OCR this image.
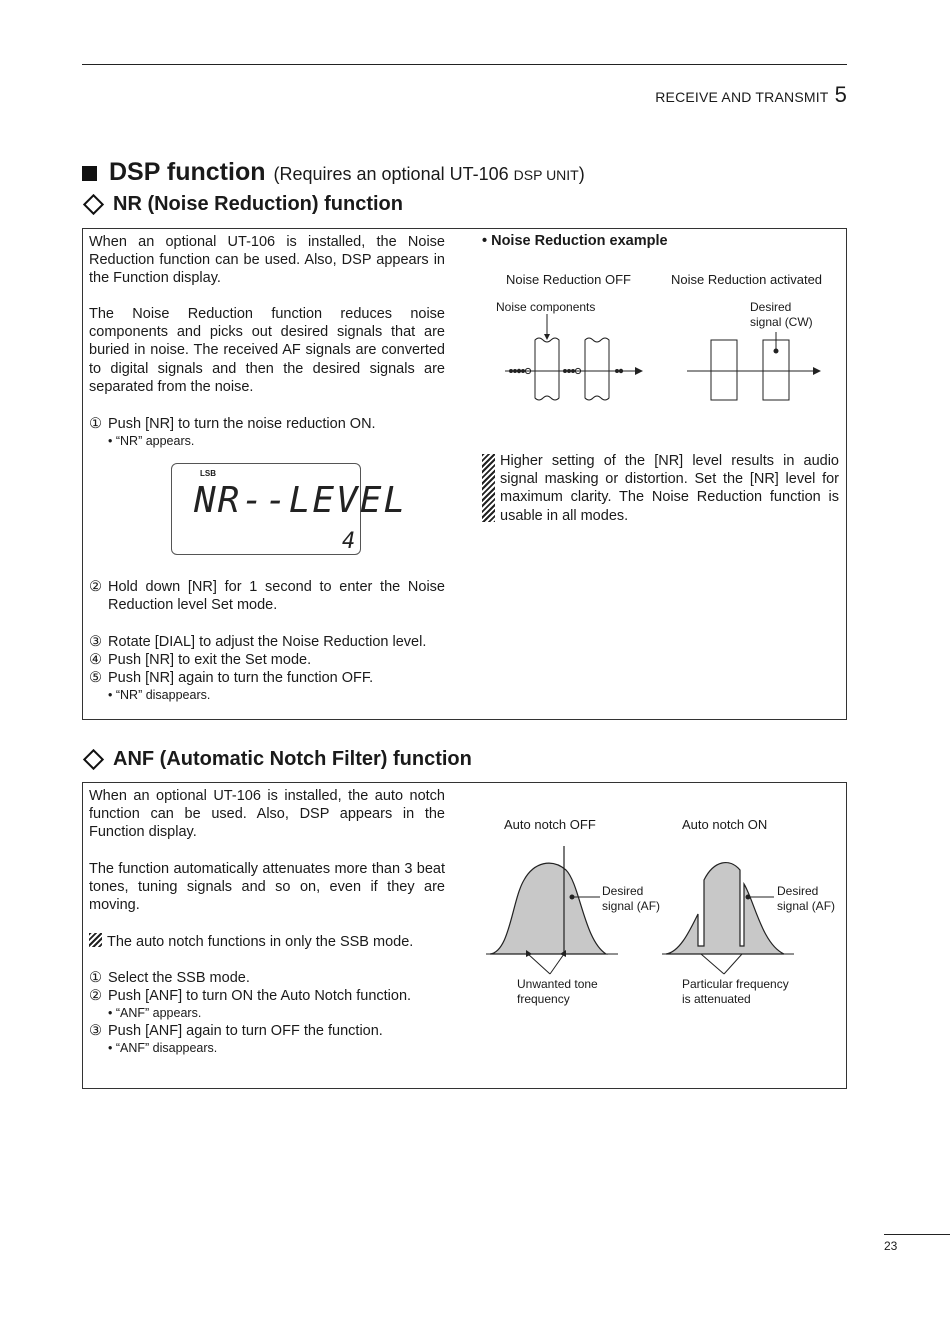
RECEIVE AND TRANSMIT 5
DSP function (Requires an optional UT-106 DSP UNIT)
NR (Noise Reduction) function
When an optional UT-106 is installed, the Noise Reduction function can be used. Also, DSP appears in the Function display.
The Noise Reduction function reduces noise components and picks out desired signals that are buried in noise. The received AF signals are converted to digital signals and then the desired signals are separated from the noise.
① Push [NR] to turn the noise reduction ON.
• “NR” appears.
LSB
NR--LEVEL
4
② Hold down [NR] for 1 second to enter the Noise Reduction level Set mode.
③ Rotate [DIAL] to adjust the Noise Reduction level.
④ Push [NR] to exit the Set mode.
⑤ Push [NR] again to turn the function OFF.
• “NR” disappears.
• Noise Reduction example
Noise Reduction OFF	Noise Reduction activated
Noise components	Desired
signal (CW)
Higher setting of the [NR] level results in audio signal masking or distortion. Set the [NR] level for maximum clarity. The Noise Reduction function is usable in all modes.
ANF (Automatic Notch Filter) function
When an optional UT-106 is installed, the auto notch function can be used. Also, DSP appears in the Function display.
The function automatically attenuates more than 3 beat tones, tuning signals and so on, even if they are moving.
The auto notch functions in only the SSB mode.
① Select the SSB mode.
② Push [ANF] to turn ON the Auto Notch function.
• “ANF” appears.
③ Push [ANF] again to turn OFF the function.
• “ANF” disappears.
Auto notch OFF	Auto notch ON
Desired
signal (AF)
Desired
signal (AF)
Unwanted tone
frequency
Particular frequency
is attenuated
23
